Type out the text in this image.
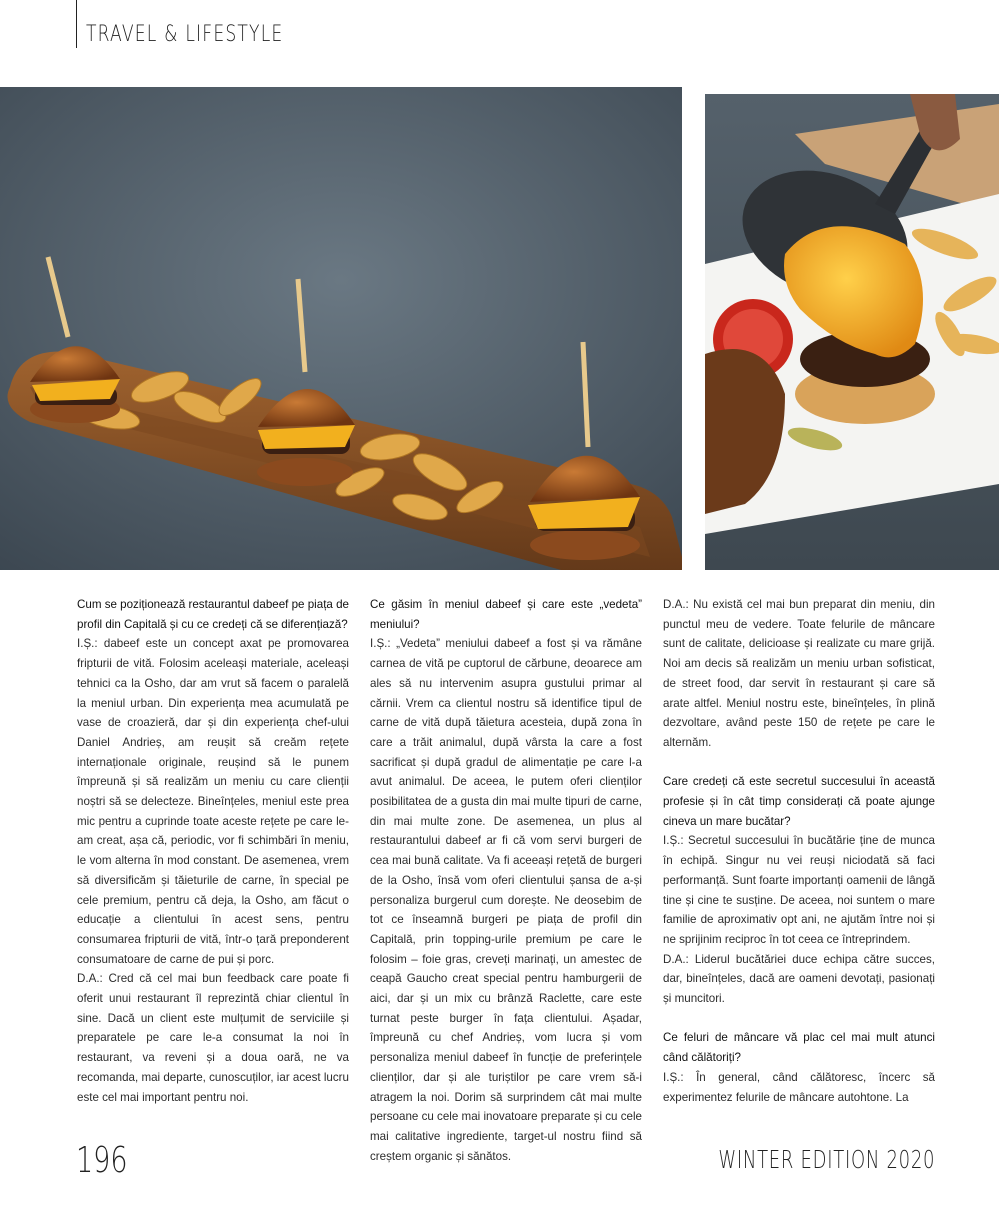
TRAVEL & LIFESTYLE

Cum se poziționează restaurantul dabeef pe piața de profil din Capitală și cu ce credeți că se diferențiază?

I.Ș.: dabeef este un concept axat pe promovarea fripturii de vită. Folosim aceleași materiale, aceleași tehnici ca la Osho, dar am vrut să facem o paralelă la meniul urban. Din experiența mea acumulată pe vase de croazieră, dar și din experiența chef-ului Daniel Andrieș, am reușit să creăm rețete internaționale originale, reușind să le punem împreună și să realizăm un meniu cu care clienții noștri să se delecteze. Bineînțeles, meniul este prea mic pentru a cuprinde toate aceste rețete pe care le-am creat, așa că, periodic, vor fi schimbări în meniu, le vom alterna în mod constant. De asemenea, vrem să diversificăm și tăieturile de carne, în special pe cele premium, pentru că deja, la Osho, am făcut o educație a clientului în acest sens, pentru consumarea fripturii de vită, într-o țară preponderent consumatoare de carne de pui și porc.

D.A.: Cred că cel mai bun feedback care poate fi oferit unui restaurant îl reprezintă chiar clientul în sine. Dacă un client este mulțumit de serviciile și preparatele pe care le-a consumat la noi în restaurant, va reveni și a doua oară, ne va recomanda, mai departe, cunoscuților, iar acest lucru este cel mai important pentru noi.

Ce găsim în meniul dabeef și care este „vedeta” meniului?

I.Ș.: „Vedeta” meniului dabeef a fost și va rămâne carnea de vită pe cuptorul de cărbune, deoarece am ales să nu intervenim asupra gustului primar al cărnii. Vrem ca clientul nostru să identifice tipul de carne de vită după tăietura acesteia, după zona în care a trăit animalul, după vârsta la care a fost sacrificat și după gradul de alimentație pe care l-a avut animalul. De aceea, le putem oferi clienților posibilitatea de a gusta din mai multe tipuri de carne, din mai multe zone. De asemenea, un plus al restaurantului dabeef ar fi că vom servi burgeri de cea mai bună calitate. Va fi aceeași rețetă de burgeri de la Osho, însă vom oferi clientului șansa de a-și personaliza burgerul cum dorește. Ne deosebim de tot ce înseamnă burgeri pe piața de profil din Capitală, prin topping-urile premium pe care le folosim – foie gras, creveți marinați, un amestec de ceapă Gaucho creat special pentru hamburgerii de aici, dar și un mix cu brânză Raclette, care este turnat peste burger în fața clientului. Așadar, împreună cu chef Andrieș, vom lucra și vom personaliza meniul dabeef în funcție de preferințele clienților, dar și ale turiștilor pe care vrem să-i atragem la noi. Dorim să surprindem cât mai multe persoane cu cele mai inovatoare preparate și cu cele mai calitative ingrediente, target-ul nostru fiind să creștem organic și sănătos.

D.A.: Nu există cel mai bun preparat din meniu, din punctul meu de vedere. Toate felurile de mâncare sunt de calitate, delicioase și realizate cu mare grijă. Noi am decis să realizăm un meniu urban sofisticat, de street food, dar servit în restaurant și care să arate altfel. Meniul nostru este, bineînțeles, în plină dezvoltare, având peste 150 de rețete pe care le alternăm.

Care credeți că este secretul succesului în această profesie și în cât timp considerați că poate ajunge cineva un mare bucătar?

I.Ș.: Secretul succesului în bucătărie ține de munca în echipă. Singur nu vei reuși niciodată să faci performanță. Sunt foarte importanți oamenii de lângă tine și cine te susține. De aceea, noi suntem o mare familie de aproximativ opt ani, ne ajutăm între noi și ne sprijinim reciproc în tot ceea ce întreprindem.

D.A.: Liderul bucătăriei duce echipa către succes, dar, bineînțeles, dacă are oameni devotați, pasionați și muncitori.

Ce feluri de mâncare vă plac cel mai mult atunci când călătoriți?

I.Ș.: În general, când călătoresc, încerc să experimentez felurile de mâncare autohtone. La

196	WINTER EDITION 2020
